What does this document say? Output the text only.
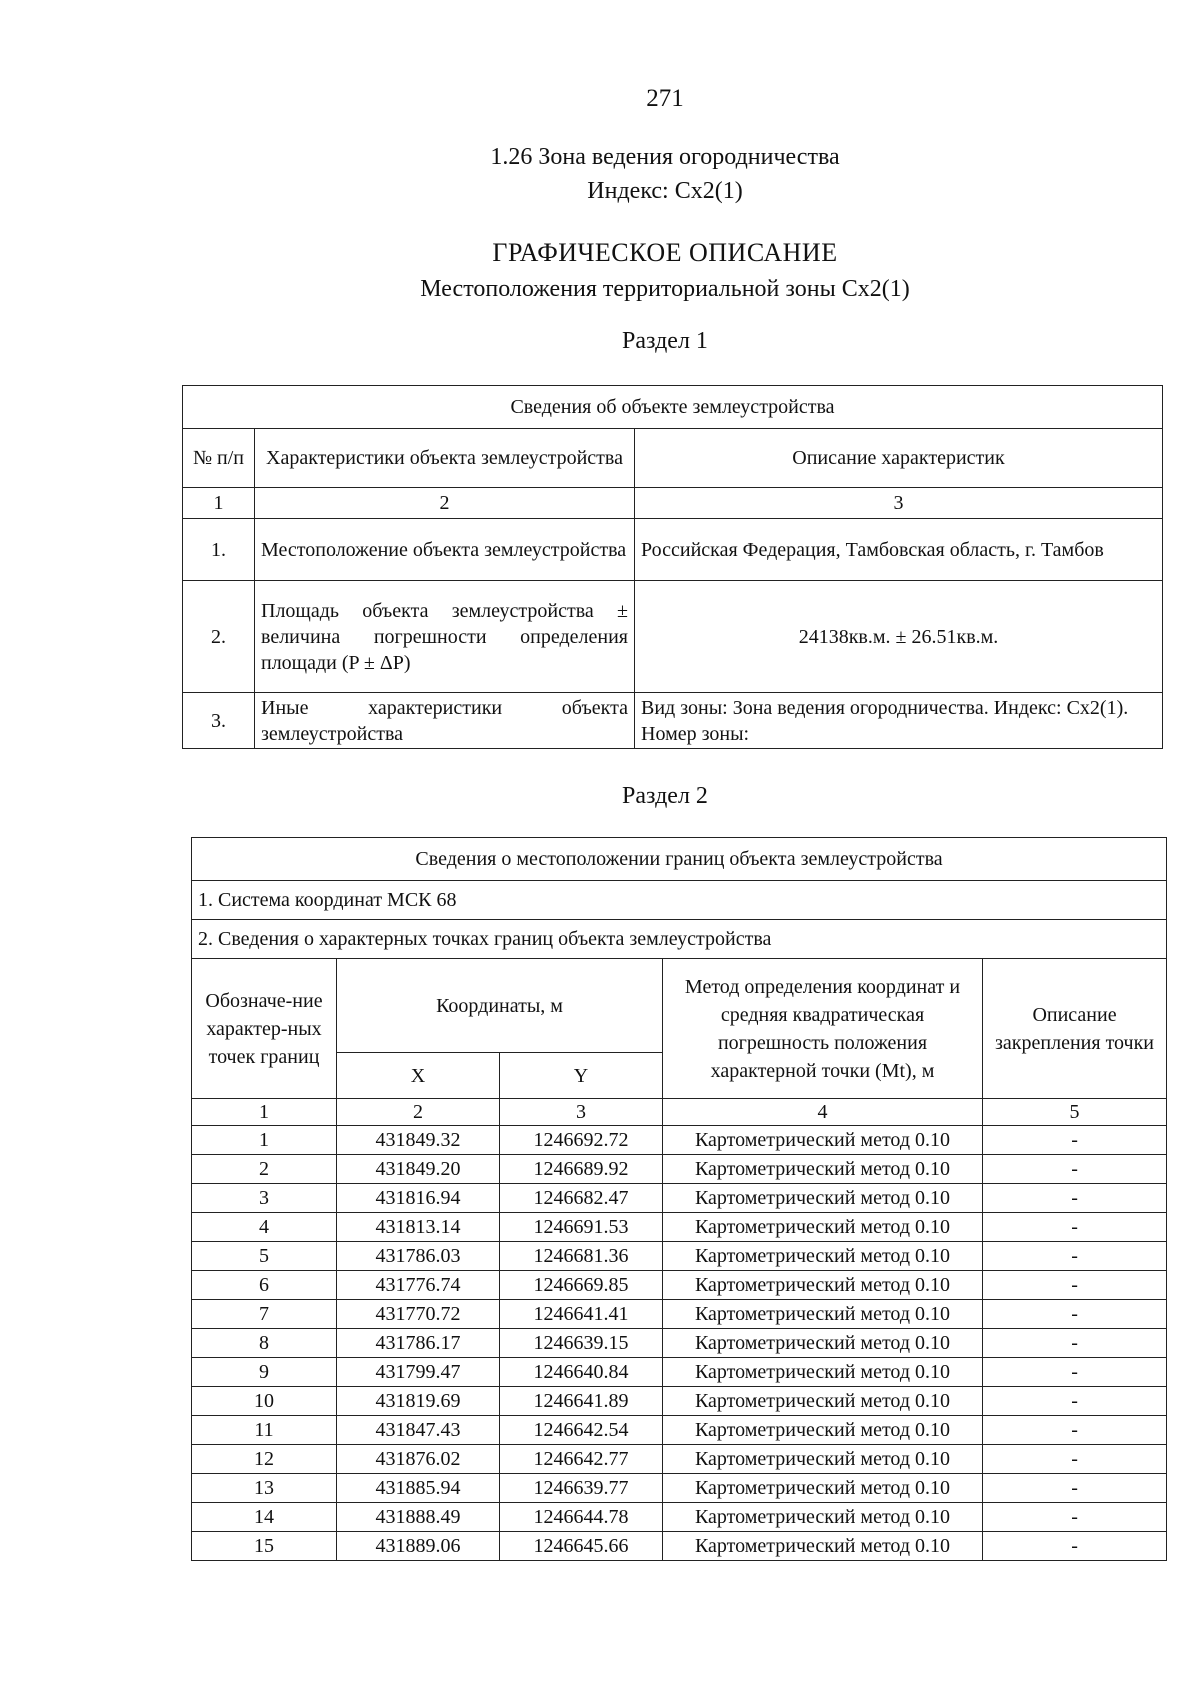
271
1.26 Зона ведения огородничества
Индекс: Сх2(1)
ГРАФИЧЕСКОЕ ОПИСАНИЕ
Местоположения территориальной зоны Сх2(1)
Раздел 1
Сведения об объекте землеустройства		
№ п/п	Характеристики объекта землеустройства	Описание характеристик
1	2	3
1.	Местоположение объекта землеустройства	Российская Федерация, Тамбовская область, г. Тамбов
2.	Площадь объекта землеустройства ± величина погрешности определения площади (P ± ΔP)	24138кв.м. ± 26.51кв.м.
3.	Иные характеристики объекта землеустройства	Вид зоны: Зона ведения огородничества. Индекс: Сх2(1). Номер зоны:
Раздел 2
Сведения о местоположении границ объекта землеустройства				
1. Система координат МСК 68				
2. Сведения о характерных точках границ объекта землеустройства				
Обозначе-ние характер-ных точек границ	Координаты, м		Метод определения координат и средняя квадратическая погрешность положения характерной точки (Mt), м	Описание закрепления точки
	X	Y		
1	2	3	4	5
1	431849.32	1246692.72	Картометрический метод 0.10	-
2	431849.20	1246689.92	Картометрический метод 0.10	-
3	431816.94	1246682.47	Картометрический метод 0.10	-
4	431813.14	1246691.53	Картометрический метод 0.10	-
5	431786.03	1246681.36	Картометрический метод 0.10	-
6	431776.74	1246669.85	Картометрический метод 0.10	-
7	431770.72	1246641.41	Картометрический метод 0.10	-
8	431786.17	1246639.15	Картометрический метод 0.10	-
9	431799.47	1246640.84	Картометрический метод 0.10	-
10	431819.69	1246641.89	Картометрический метод 0.10	-
11	431847.43	1246642.54	Картометрический метод 0.10	-
12	431876.02	1246642.77	Картометрический метод 0.10	-
13	431885.94	1246639.77	Картометрический метод 0.10	-
14	431888.49	1246644.78	Картометрический метод 0.10	-
15	431889.06	1246645.66	Картометрический метод 0.10	-
